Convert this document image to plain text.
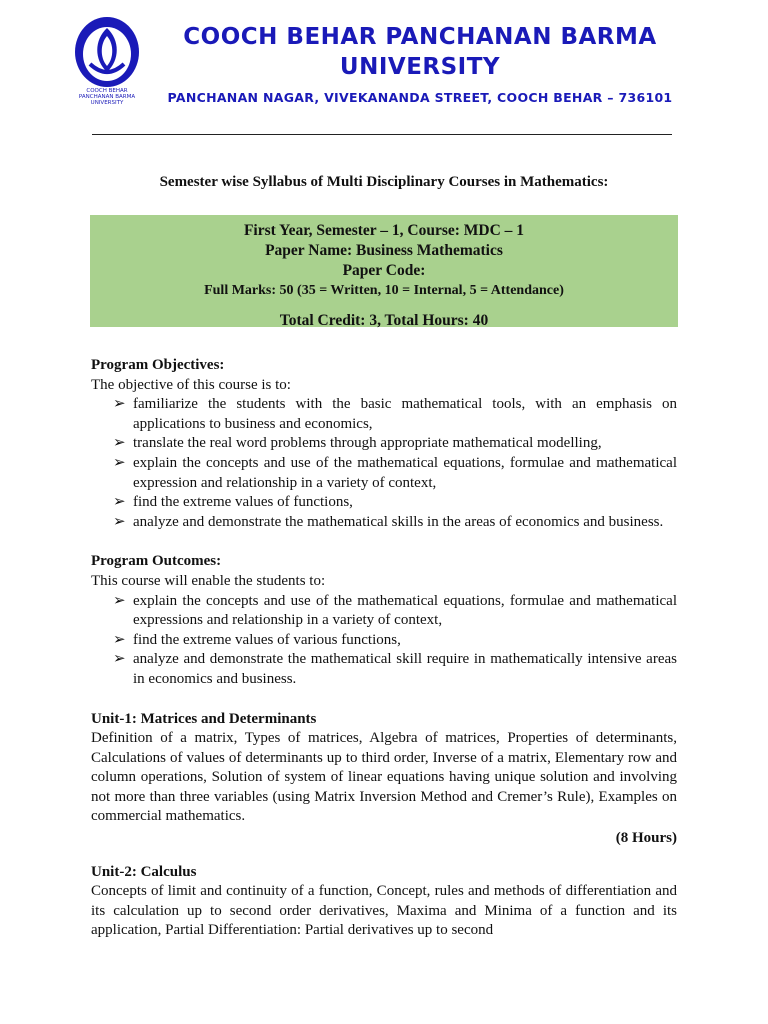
COOCH BEHAR
PANCHANAN BARMA
UNIVERSITY
COOCH BEHAR PANCHANAN BARMA
UNIVERSITY

PANCHANAN NAGAR, VIVEKANANDA STREET, COOCH BEHAR – 736101

Semester wise Syllabus of Multi Disciplinary Courses in Mathematics:

First Year, Semester – 1, Course: MDC – 1
Paper Name: Business Mathematics
Paper Code:
Full Marks: 50 (35 = Written, 10 = Internal, 5 = Attendance)
Total Credit: 3, Total Hours: 40

Program Objectives:

The objective of this course is to:

➢ familiarize the students with the basic mathematical tools, with an emphasis on applications to business and economics,
➢ translate the real word problems through appropriate mathematical modelling,
➢ explain the concepts and use of the mathematical equations, formulae and mathematical expression and relationship in a variety of context,
➢ find the extreme values of functions,
➢ analyze and demonstrate the mathematical skills in the areas of economics and business.

Program Outcomes:

This course will enable the students to:

➢ explain the concepts and use of the mathematical equations, formulae and mathematical expressions and relationship in a variety of context,
➢ find the extreme values of various functions,
➢ analyze and demonstrate the mathematical skill require in mathematically intensive areas in economics and business.

Unit-1: Matrices and Determinants

Definition of a matrix, Types of matrices, Algebra of matrices, Properties of determinants, Calculations of values of determinants up to third order, Inverse of a matrix, Elementary row and column operations, Solution of system of linear equations having unique solution and involving not more than three variables (using Matrix Inversion Method and Cremer’s Rule), Examples on commercial mathematics.

(8 Hours)

Unit-2: Calculus

Concepts of limit and continuity of a function, Concept, rules and methods of differentiation and its calculation up to second order derivatives, Maxima and Minima of a function and its application, Partial Differentiation: Partial derivatives up to second
